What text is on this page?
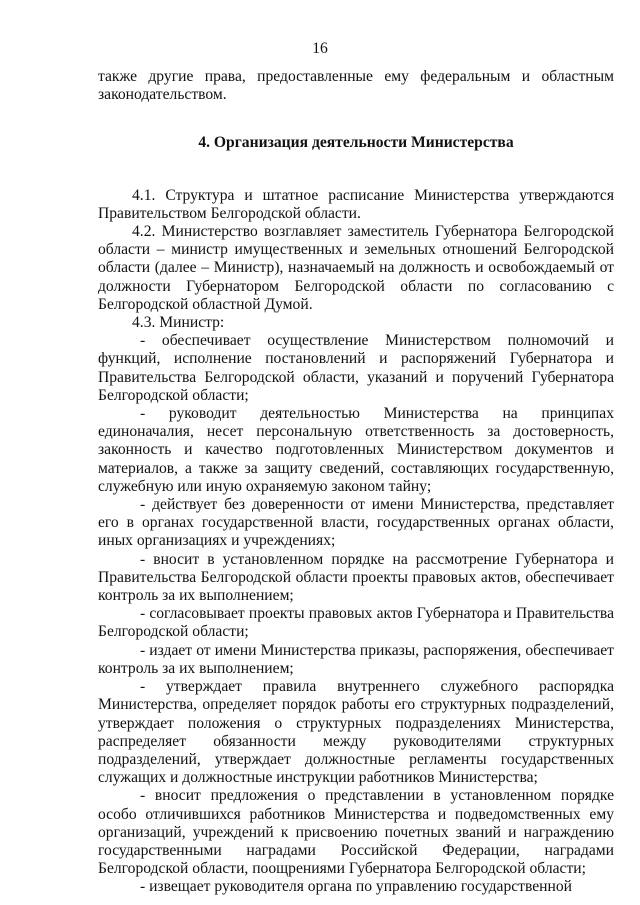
16

также другие права, предоставленные ему федеральным и областным законодательством.

4. Организация деятельности Министерства

4.1. Структура и штатное расписание Министерства утверждаются Правительством Белгородской области.

4.2. Министерство возглавляет заместитель Губернатора Белгородской области – министр имущественных и земельных отношений Белгородской области (далее – Министр), назначаемый на должность и освобождаемый от должности Губернатором Белгородской области по согласованию с Белгородской областной Думой.

4.3. Министр:

- обеспечивает осуществление Министерством полномочий и функций, исполнение постановлений и распоряжений Губернатора и Правительства Белгородской области, указаний и поручений Губернатора Белгородской области;

- руководит деятельностью Министерства на принципах единоначалия, несет персональную ответственность за достоверность, законность и качество подготовленных Министерством документов и материалов, а также за защиту сведений, составляющих государственную, служебную или иную охраняемую законом тайну;

- действует без доверенности от имени Министерства, представляет его в органах государственной власти, государственных органах области, иных организациях и учреждениях;

- вносит в установленном порядке на рассмотрение Губернатора и Правительства Белгородской области проекты правовых актов, обеспечивает контроль за их выполнением;

- согласовывает проекты правовых актов Губернатора и Правительства Белгородской области;

- издает от имени Министерства приказы, распоряжения, обеспечивает контроль за их выполнением;

- утверждает правила внутреннего служебного распорядка Министерства, определяет порядок работы его структурных подразделений, утверждает положения о структурных подразделениях Министерства, распределяет обязанности между руководителями структурных подразделений, утверждает должностные регламенты государственных служащих и должностные инструкции работников Министерства;

- вносит предложения о представлении в установленном порядке особо отличившихся работников Министерства и подведомственных ему организаций, учреждений к присвоению почетных званий и награждению государственными наградами Российской Федерации, наградами Белгородской области, поощрениями Губернатора Белгородской области;

- извещает руководителя органа по управлению государственной
